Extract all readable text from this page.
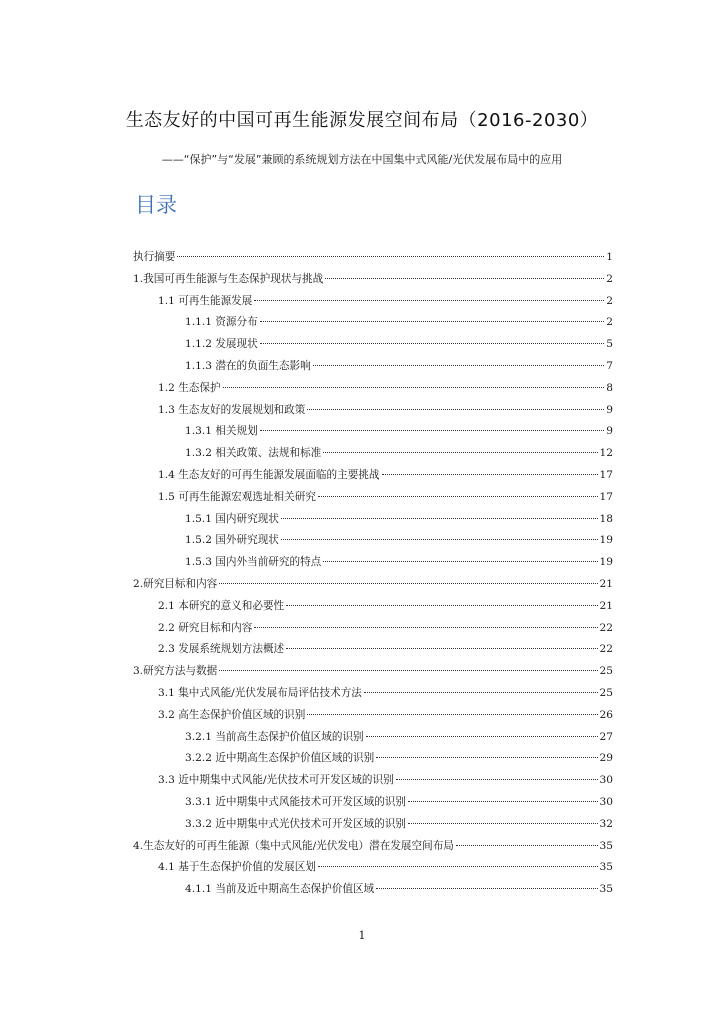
生态友好的中国可再生能源发展空间布局（2016-2030）
——“保护”与“发展”兼顾的系统规划方法在中国集中式风能/光伏发展布局中的应用
目录
执行摘要	1
1.我国可再生能源与生态保护现状与挑战	2
1.1 可再生能源发展	2
1.1.1 资源分布	2
1.1.2 发展现状	5
1.1.3 潜在的负面生态影响	7
1.2 生态保护	8
1.3 生态友好的发展规划和政策	9
1.3.1 相关规划	9
1.3.2 相关政策、法规和标准	12
1.4 生态友好的可再生能源发展面临的主要挑战	17
1.5 可再生能源宏观选址相关研究	17
1.5.1 国内研究现状	18
1.5.2 国外研究现状	19
1.5.3 国内外当前研究的特点	19
2.研究目标和内容	21
2.1 本研究的意义和必要性	21
2.2 研究目标和内容	22
2.3 发展系统规划方法概述	22
3.研究方法与数据	25
3.1 集中式风能/光伏发展布局评估技术方法	25
3.2 高生态保护价值区域的识别	26
3.2.1 当前高生态保护价值区域的识别	27
3.2.2 近中期高生态保护价值区域的识别	29
3.3 近中期集中式风能/光伏技术可开发区域的识别	30
3.3.1 近中期集中式风能技术可开发区域的识别	30
3.3.2 近中期集中式光伏技术可开发区域的识别	32
4.生态友好的可再生能源（集中式风能/光伏发电）潜在发展空间布局	35
4.1 基于生态保护价值的发展区划	35
4.1.1 当前及近中期高生态保护价值区域	35
1
